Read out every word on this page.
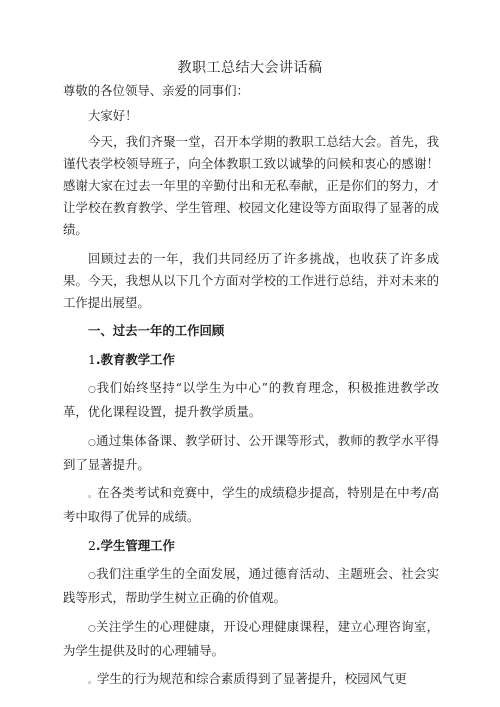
教职工总结大会讲话稿

尊敬的各位领导、亲爱的同事们：

大家好！

今天，我们齐聚一堂，召开本学期的教职工总结大会。首先，我谨代表学校领导班子，向全体教职工致以诚挚的问候和衷心的感谢！感谢大家在过去一年里的辛勤付出和无私奉献，正是你们的努力，才让学校在教育教学、学生管理、校园文化建设等方面取得了显著的成绩。

回顾过去的一年，我们共同经历了许多挑战，也收获了许多成果。今天，我想从以下几个方面对学校的工作进行总结，并对未来的工作提出展望。

一、过去一年的工作回顾

1.教育教学工作

○我们始终坚持“以学生为中心”的教育理念，积极推进教学改革，优化课程设置，提升教学质量。

○通过集体备课、教学研讨、公开课等形式，教师的教学水平得到了显著提升。

。在各类考试和竞赛中，学生的成绩稳步提高，特别是在中考/高考中取得了优异的成绩。

2.学生管理工作

○我们注重学生的全面发展，通过德育活动、主题班会、社会实践等形式，帮助学生树立正确的价值观。

○关注学生的心理健康，开设心理健康课程，建立心理咨询室，为学生提供及时的心理辅导。

。学生的行为规范和综合素质得到了显著提升，校园风气更
